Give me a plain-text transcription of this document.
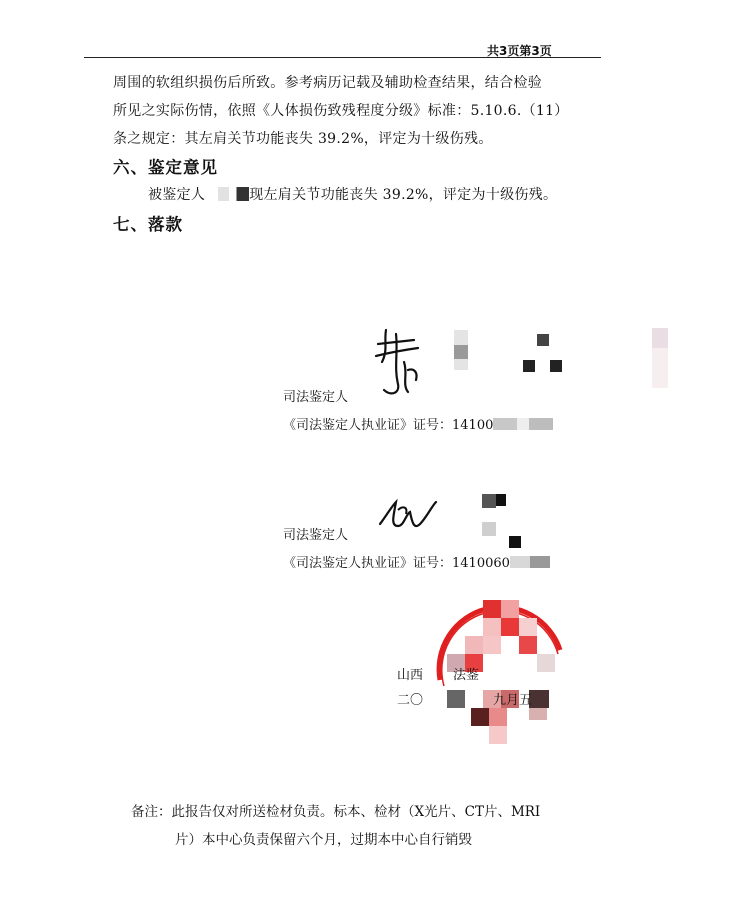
共3页第3页
周围的软组织损伤后所致。参考病历记载及辅助检查结果，结合检验
所见之实际伤情，依照《人体损伤致残程度分级》标准：5.10.6.（11）
条之规定：其左肩关节功能丧失 39.2%，评定为十级伤残。
六、鉴定意见
被鉴定人	现左肩关节功能丧失 39.2%，评定为十级伤残。
七、落款
司法鉴定人
《司法鉴定人执业证》证号：14100
司法鉴定人
《司法鉴定人执业证》证号：1410060
山西 法鉴
二〇	九月五
备注：此报告仅对所送检材负责。标本、检材（X光片、CT片、MRI
片）本中心负责保留六个月，过期本中心自行销毁
